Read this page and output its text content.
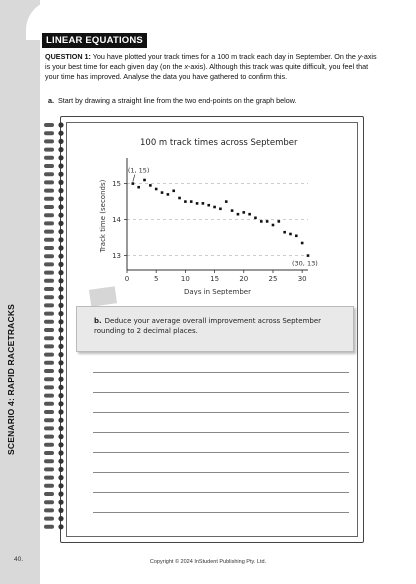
SCENARIO 4: RAPID RACETRACKS
40.
LINEAR EQUATIONS
QUESTION 1: You have plotted your track times for a 100 m track each day in September. On the y-axis is your best time for each given day (on the x-axis). Although this track was quite difficult, you feel that your time has improved. Analyse the data you have gathered to confirm this.
a. Start by drawing a straight line from the two end-points on the graph below.
100 m track times across September
13
14
15
0	5	10	15	20	25	30
(1, 15)
(30, 13)
Days in September
Track time (seconds)
b. Deduce your average overall improvement across September rounding to 2 decimal places.
Copyright © 2024 InStudent Publishing Pty. Ltd.
